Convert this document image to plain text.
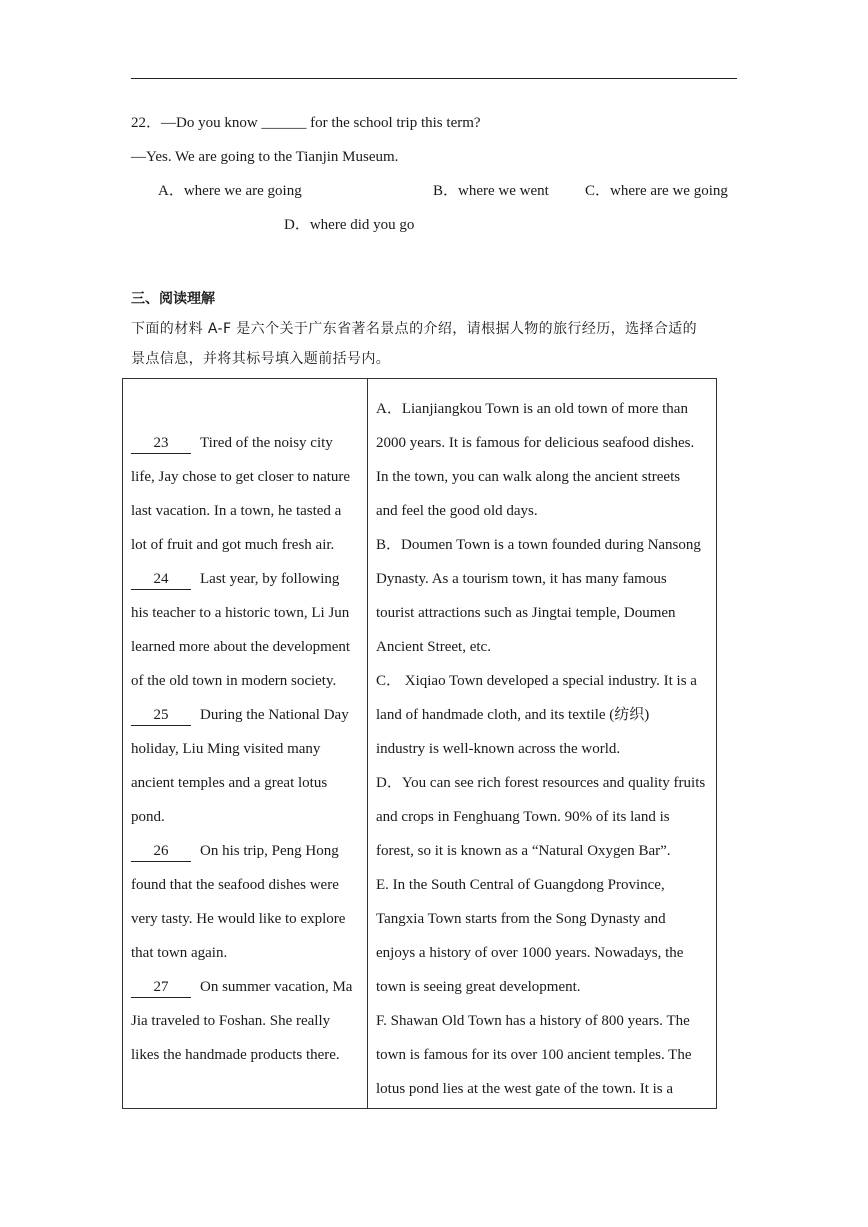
22．—Do you know ______ for the school trip this term?
—Yes. We are going to the Tianjin Museum.
A．where we are going	B．where we went C．where are we going
D．where did you go
三、阅读理解
下面的材料 A-F 是六个关于广东省著名景点的介绍，请根据人物的旅行经历，选择合适的
景点信息，并将其标号填入题前括号内。
23 Tired of the noisy city
life, Jay chose to get closer to nature
last vacation. In a town, he tasted a
lot of fruit and got much fresh air.
24 Last year, by following
his teacher to a historic town, Li Jun
learned more about the development
of the old town in modern society.
25 During the National Day
holiday, Liu Ming visited many
ancient temples and a great lotus
pond.
26 On his trip, Peng Hong
found that the seafood dishes were
very tasty. He would like to explore
that town again.
27 On summer vacation, Ma
Jia traveled to Foshan. She really
likes the handmade products there.
A．Lianjiangkou Town is an old town of more than
2000 years. It is famous for delicious seafood dishes.
In the town, you can walk along the ancient streets
and feel the good old days.
B．Doumen Town is a town founded during Nansong
Dynasty. As a tourism town, it has many famous
tourist attractions such as Jingtai temple, Doumen
Ancient Street, etc.
C． Xiqiao Town developed a special industry. It is a
land of handmade cloth, and its textile (纺织)
industry is well-known across the world.
D．You can see rich forest resources and quality fruits
and crops in Fenghuang Town. 90% of its land is
forest, so it is known as a “Natural Oxygen Bar”.
E. In the South Central of Guangdong Province,
Tangxia Town starts from the Song Dynasty and
enjoys a history of over 1000 years. Nowadays, the
town is seeing great development.
F. Shawan Old Town has a history of 800 years. The
town is famous for its over 100 ancient temples. The
lotus pond lies at the west gate of the town. It is a
